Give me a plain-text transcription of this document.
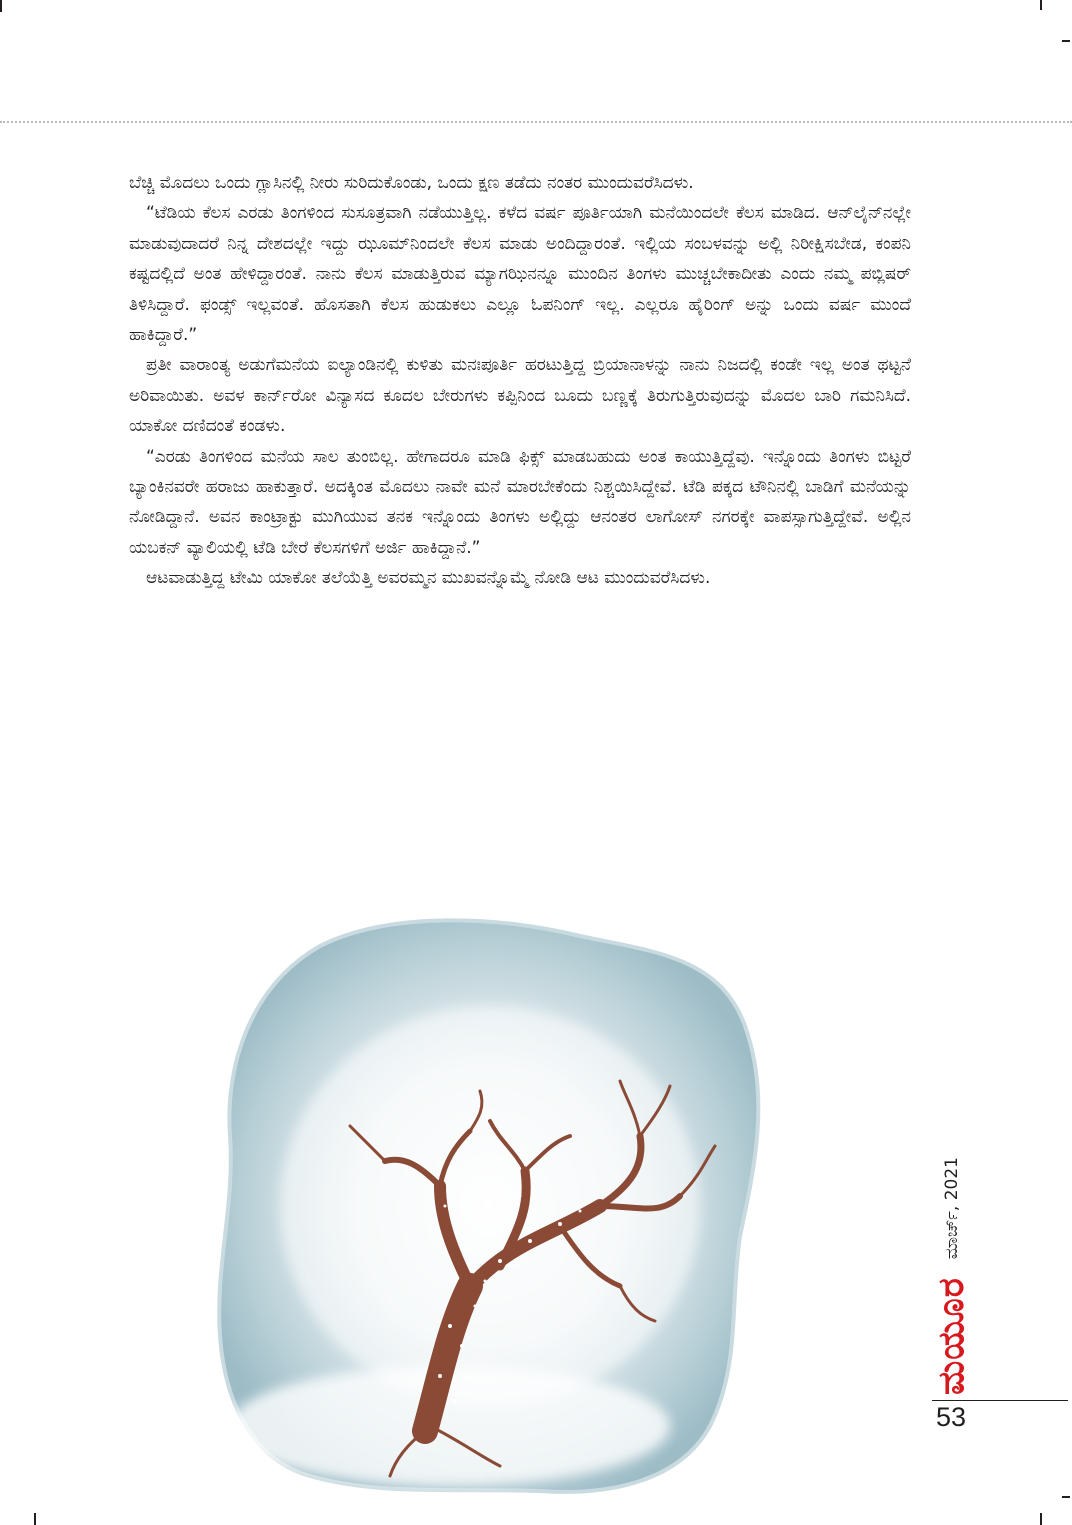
ಬೆಚ್ಚಿ ಮೊದಲು ಒಂದು ಗ್ಲಾಸಿನಲ್ಲಿ ನೀರು ಸುರಿದುಕೊಂಡು, ಒಂದು ಕ್ಷಣ ತಡೆದು ನಂತರ ಮುಂದುವರೆಸಿದಳು.

“ಟೆಡಿಯ ಕೆಲಸ ಎರಡು ತಿಂಗಳಿಂದ ಸುಸೂತ್ರವಾಗಿ ನಡೆಯುತ್ತಿಲ್ಲ. ಕಳೆದ ವರ್ಷ ಪೂರ್ತಿಯಾಗಿ ಮನೆಯಿಂದಲೇ ಕೆಲಸ ಮಾಡಿದ. ಆನ್‌ಲೈನ್‌ನಲ್ಲೇ ಮಾಡುವುದಾದರೆ ನಿನ್ನ ದೇಶದಲ್ಲೇ ಇದ್ದು ಝೂಮ್‌ನಿಂದಲೇ ಕೆಲಸ ಮಾಡು ಅಂದಿದ್ದಾರಂತೆ. ಇಲ್ಲಿಯ ಸಂಬಳವನ್ನು ಅಲ್ಲಿ ನಿರೀಕ್ಷಿಸಬೇಡ, ಕಂಪನಿ ಕಷ್ಟದಲ್ಲಿದೆ ಅಂತ ಹೇಳಿದ್ದಾರಂತೆ. ನಾನು ಕೆಲಸ ಮಾಡುತ್ತಿರುವ ಮ್ಯಾಗಝಿನನ್ನೂ ಮುಂದಿನ ತಿಂಗಳು ಮುಚ್ಚಬೇಕಾದೀತು ಎಂದು ನಮ್ಮ ಪಬ್ಲಿಷರ್ ತಿಳಿಸಿದ್ದಾರೆ. ಫಂಡ್ಸ್ ಇಲ್ಲವಂತೆ. ಹೊಸತಾಗಿ ಕೆಲಸ ಹುಡುಕಲು ಎಲ್ಲೂ ಓಪನಿಂಗ್ ಇಲ್ಲ. ಎಲ್ಲರೂ ಹೈರಿಂಗ್ ಅನ್ನು ಒಂದು ವರ್ಷ ಮುಂದೆ ಹಾಕಿದ್ದಾರೆ.”

ಪ್ರತೀ ವಾರಾಂತ್ಯ ಅಡುಗೆಮನೆಯ ಐಲ್ಯಾಂಡಿನಲ್ಲಿ ಕುಳಿತು ಮನಃಪೂರ್ತಿ ಹರಟುತ್ತಿದ್ದ ಬ್ರಿಯಾನಾಳನ್ನು ನಾನು ನಿಜದಲ್ಲಿ ಕಂಡೇ ಇಲ್ಲ ಅಂತ ಥಟ್ಟನೆ ಅರಿವಾಯಿತು. ಅವಳ ಕಾರ್ನ್‌ರೋ ವಿನ್ಯಾಸದ ಕೂದಲ ಬೇರುಗಳು ಕಪ್ಪಿನಿಂದ ಬೂದು ಬಣ್ಣಕ್ಕೆ ತಿರುಗುತ್ತಿರುವುದನ್ನು ಮೊದಲ ಬಾರಿ ಗಮನಿಸಿದೆ. ಯಾಕೋ ದಣಿದಂತೆ ಕಂಡಳು.

“ಎರಡು ತಿಂಗಳಿಂದ ಮನೆಯ ಸಾಲ ತುಂಬಿಲ್ಲ. ಹೇಗಾದರೂ ಮಾಡಿ ಫಿಕ್ಸ್ ಮಾಡಬಹುದು ಅಂತ ಕಾಯುತ್ತಿದ್ದೆವು. ಇನ್ನೊಂದು ತಿಂಗಳು ಬಿಟ್ಟರೆ ಬ್ಯಾಂಕಿನವರೇ ಹರಾಜು ಹಾಕುತ್ತಾರೆ. ಅದಕ್ಕಿಂತ ಮೊದಲು ನಾವೇ ಮನೆ ಮಾರಬೇಕೆಂದು ನಿಶ್ಚಯಿಸಿದ್ದೇವೆ. ಟೆಡಿ ಪಕ್ಕದ ಟೌನಿನಲ್ಲಿ ಬಾಡಿಗೆ ಮನೆಯನ್ನು ನೋಡಿದ್ದಾನೆ. ಅವನ ಕಾಂಟ್ರಾಕ್ಟು ಮುಗಿಯುವ ತನಕ ಇನ್ನೊಂದು ತಿಂಗಳು ಅಲ್ಲಿದ್ದು ಆನಂತರ ಲಾಗೋಸ್ ನಗರಕ್ಕೇ ವಾಪಸ್ಸಾಗುತ್ತಿದ್ದೇವೆ. ಅಲ್ಲಿನ ಯಬಕನ್ ವ್ಯಾಲಿಯಲ್ಲಿ ಟೆಡಿ ಬೇರೆ ಕೆಲಸಗಳಿಗೆ ಅರ್ಜಿ ಹಾಕಿದ್ದಾನೆ.”

ಆಟವಾಡುತ್ತಿದ್ದ ಟೇಮಿ ಯಾಕೋ ತಲೆಯೆತ್ತಿ ಅವರಮ್ಮನ ಮುಖವನ್ನೊಮ್ಮೆ ನೋಡಿ ಆಟ ಮುಂದುವರೆಸಿದಳು.

ಮಯೂರ
ಮಾರ್ಚ್, 2021
53
